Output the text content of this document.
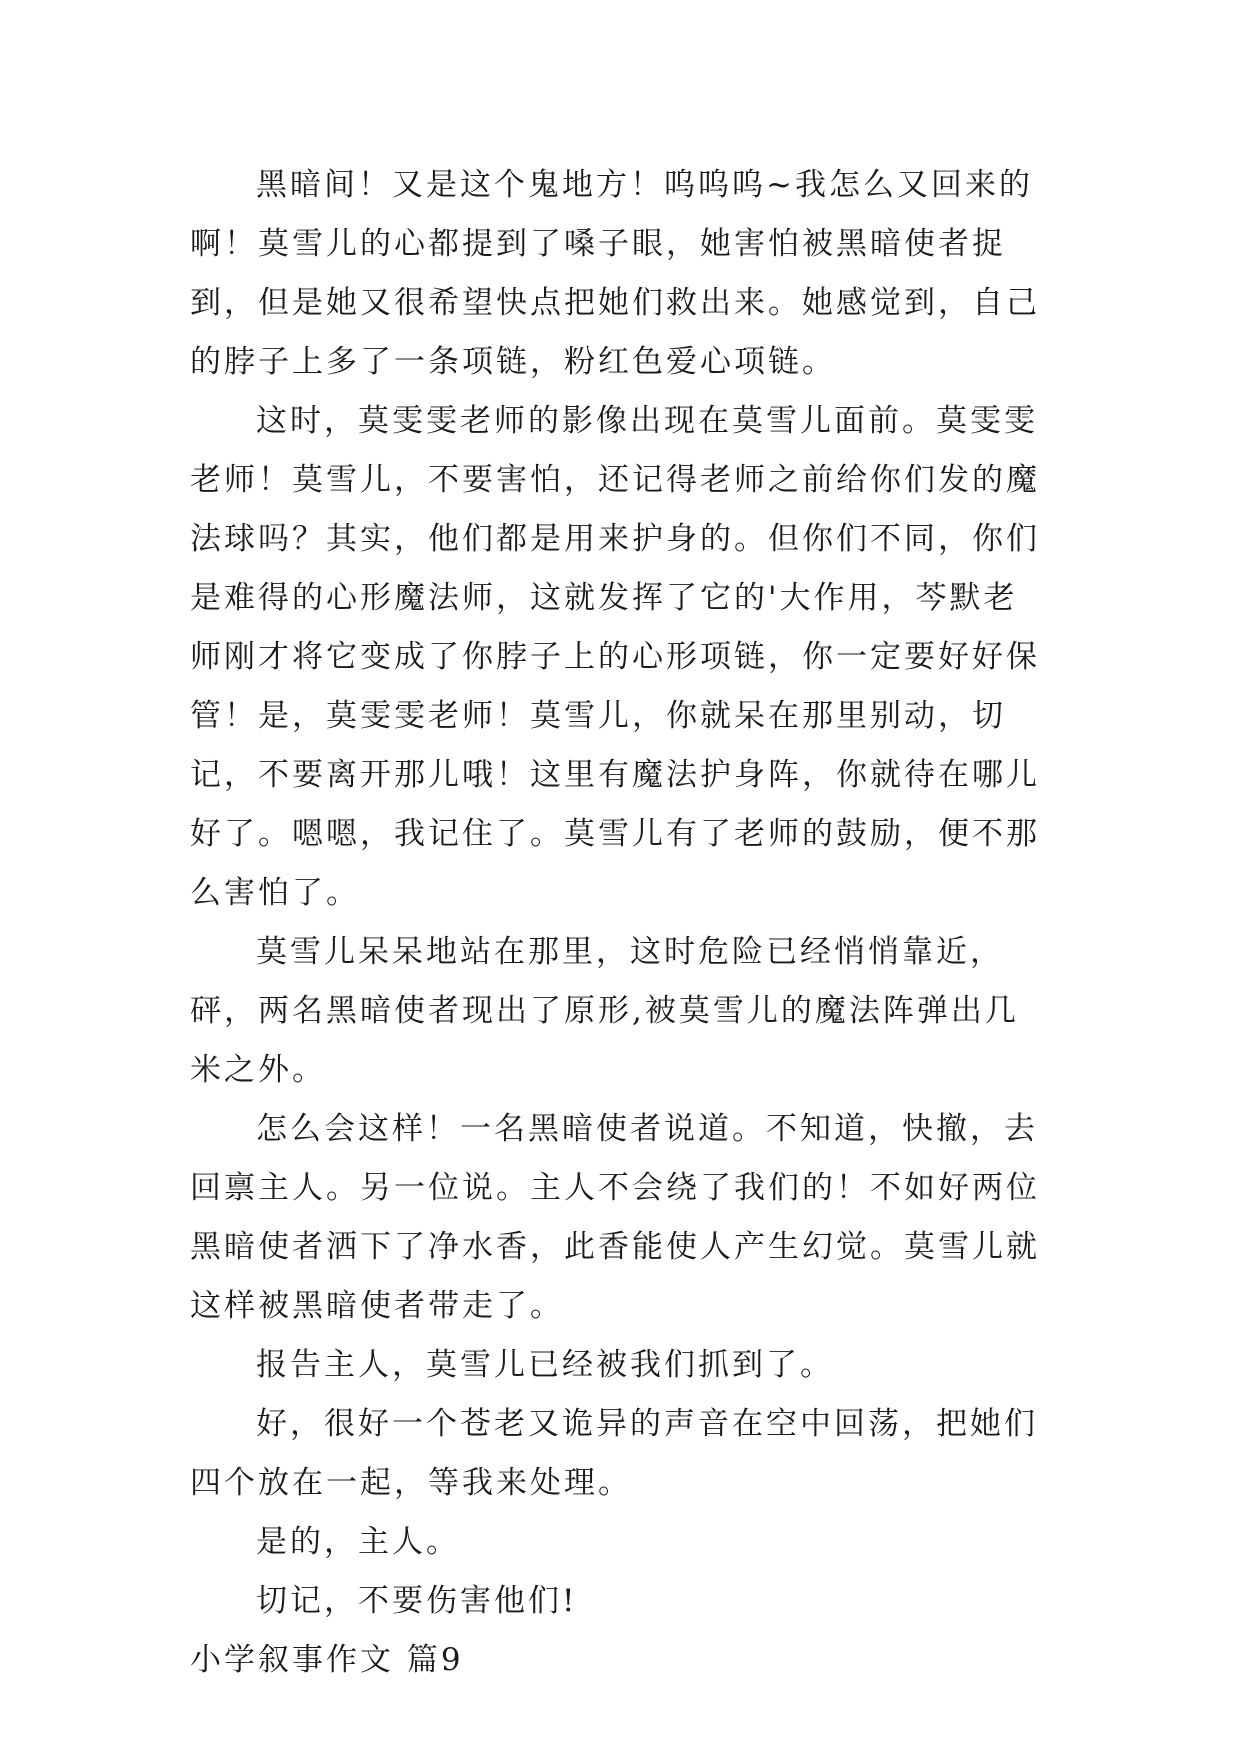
黑暗间！又是这个鬼地方！呜呜呜~我怎么又回来的啊！莫雪儿的心都提到了嗓子眼，她害怕被黑暗使者捉到，但是她又很希望快点把她们救出来。她感觉到，自己的脖子上多了一条项链，粉红色爱心项链。

这时，莫雯雯老师的影像出现在莫雪儿面前。莫雯雯老师！莫雪儿，不要害怕，还记得老师之前给你们发的魔法球吗？其实，他们都是用来护身的。但你们不同，你们是难得的心形魔法师，这就发挥了它的'大作用，芩默老师刚才将它变成了你脖子上的心形项链，你一定要好好保管！是，莫雯雯老师！莫雪儿，你就呆在那里别动，切记，不要离开那儿哦！这里有魔法护身阵，你就待在哪儿好了。嗯嗯，我记住了。莫雪儿有了老师的鼓励，便不那么害怕了。

莫雪儿呆呆地站在那里，这时危险已经悄悄靠近，砰，两名黑暗使者现出了原形,被莫雪儿的魔法阵弹出几米之外。

怎么会这样！一名黑暗使者说道。不知道，快撤，去回禀主人。另一位说。主人不会绕了我们的！不如好两位黑暗使者洒下了净水香，此香能使人产生幻觉。莫雪儿就这样被黑暗使者带走了。

报告主人，莫雪儿已经被我们抓到了。

好，很好一个苍老又诡异的声音在空中回荡，把她们四个放在一起，等我来处理。

是的，主人。

切记，不要伤害他们!

小学叙事作文 篇9
